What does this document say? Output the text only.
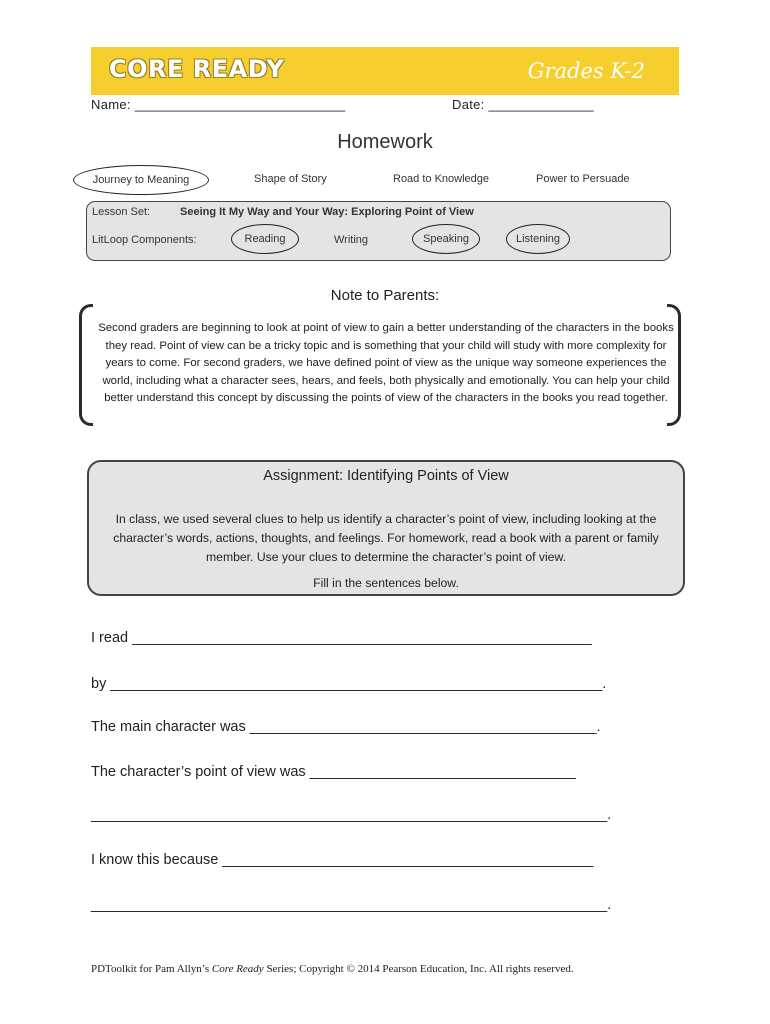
CORE READY	Grades K-2
Name: ____________________________	Date: ______________
Homework
Journey to Meaning	Shape of Story	Road to Knowledge	Power to Persuade
Lesson Set:	Seeing It My Way and Your Way: Exploring Point of View
LitLoop Components:	Reading	Writing	Speaking	Listening
Note to Parents:
Second graders are beginning to look at point of view to gain a better understanding of the characters in the books they read. Point of view can be a tricky topic and is something that your child will study with more complexity for years to come. For second graders, we have defined point of view as the unique way someone experiences the world, including what a character sees, hears, and feels, both physically and emotionally. You can help your child better understand this concept by discussing the points of view of the characters in the books you read together.
Assignment: Identifying Points of View
In class, we used several clues to help us identify a character’s point of view, including looking at the character’s words, actions, thoughts, and feelings. For homework, read a book with a parent or family member. Use your clues to determine the character’s point of view.
Fill in the sentences below.
I read _________________________________________________________
by _____________________________________________________________.
The main character was ___________________________________________.
The character’s point of view was _________________________________
________________________________________________________________.
I know this because ______________________________________________
________________________________________________________________.
PDToolkit for Pam Allyn’s Core Ready Series; Copyright © 2014 Pearson Education, Inc. All rights reserved.
